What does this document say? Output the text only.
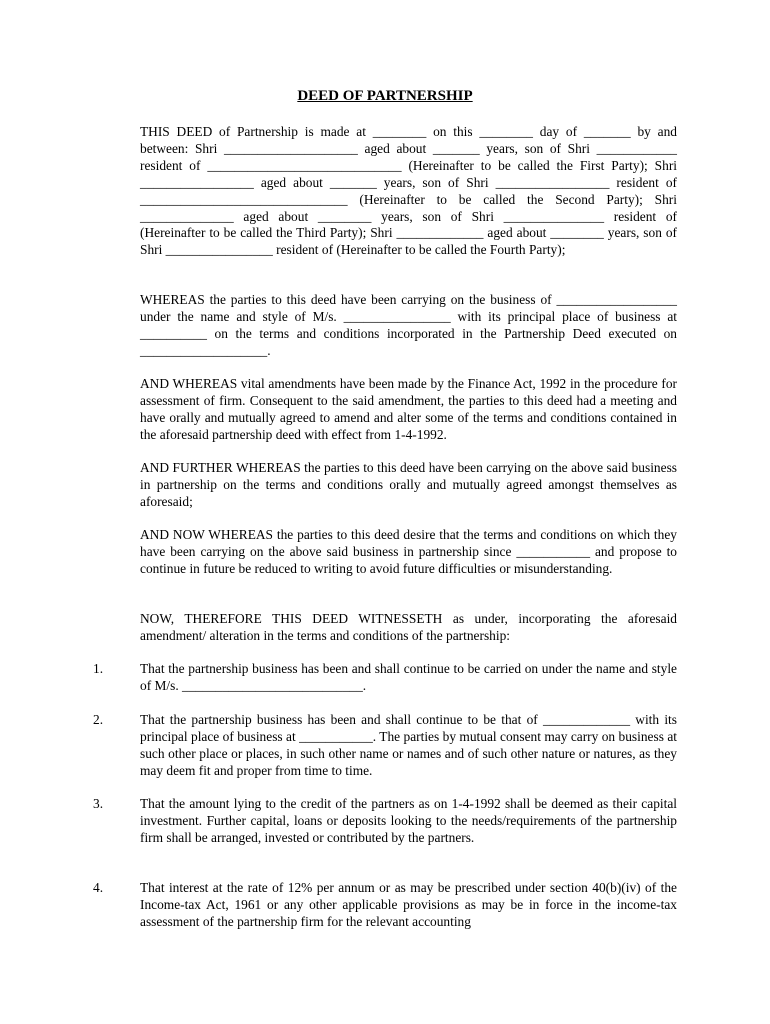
DEED OF PARTNERSHIP
THIS DEED of Partnership is made at ________ on this ________ day of _______ by and between: Shri ____________________ aged about _______ years, son of Shri ____________ resident of _____________________________ (Hereinafter to be called the First Party); Shri _________________ aged about _______ years, son of Shri _________________ resident of _______________________________ (Hereinafter to be called the Second Party); Shri ______________ aged about ________ years, son of Shri _______________ resident of (Hereinafter to be called the Third Party); Shri _____________ aged about ________ years, son of Shri ________________ resident of (Hereinafter to be called the Fourth Party);
WHEREAS the parties to this deed have been carrying on the business of __________________ under the name and style of M/s. ________________ with its principal place of business at __________ on the terms and conditions incorporated in the Partnership Deed executed on ___________________.
AND WHEREAS vital amendments have been made by the Finance Act, 1992 in the procedure for assessment of firm. Consequent to the said amendment, the parties to this deed had a meeting and have orally and mutually agreed to amend and alter some of the terms and conditions contained in the aforesaid partnership deed with effect from 1-4-1992.
AND FURTHER WHEREAS the parties to this deed have been carrying on the above said business in partnership on the terms and conditions orally and mutually agreed amongst themselves as aforesaid;
AND NOW WHEREAS the parties to this deed desire that the terms and conditions on which they have been carrying on the above said business in partnership since ___________ and propose to continue in future be reduced to writing to avoid future difficulties or misunderstanding.
NOW, THEREFORE THIS DEED WITNESSETH as under, incorporating the aforesaid amendment/ alteration in the terms and conditions of the partnership:
1.	That the partnership business has been and shall continue to be carried on under the name and style of M/s. ___________________________.
2.	That the partnership business has been and shall continue to be that of _____________ with its principal place of business at ___________. The parties by mutual consent may carry on business at such other place or places, in such other name or names and of such other nature or natures, as they may deem fit and proper from time to time.
3.	That the amount lying to the credit of the partners as on 1-4-1992 shall be deemed as their capital investment. Further capital, loans or deposits looking to the needs/requirements of the partnership firm shall be arranged, invested or contributed by the partners.
4.	That interest at the rate of 12% per annum or as may be prescribed under section 40(b)(iv) of the Income-tax Act, 1961 or any other applicable provisions as may be in force in the income-tax assessment of the partnership firm for the relevant accounting
